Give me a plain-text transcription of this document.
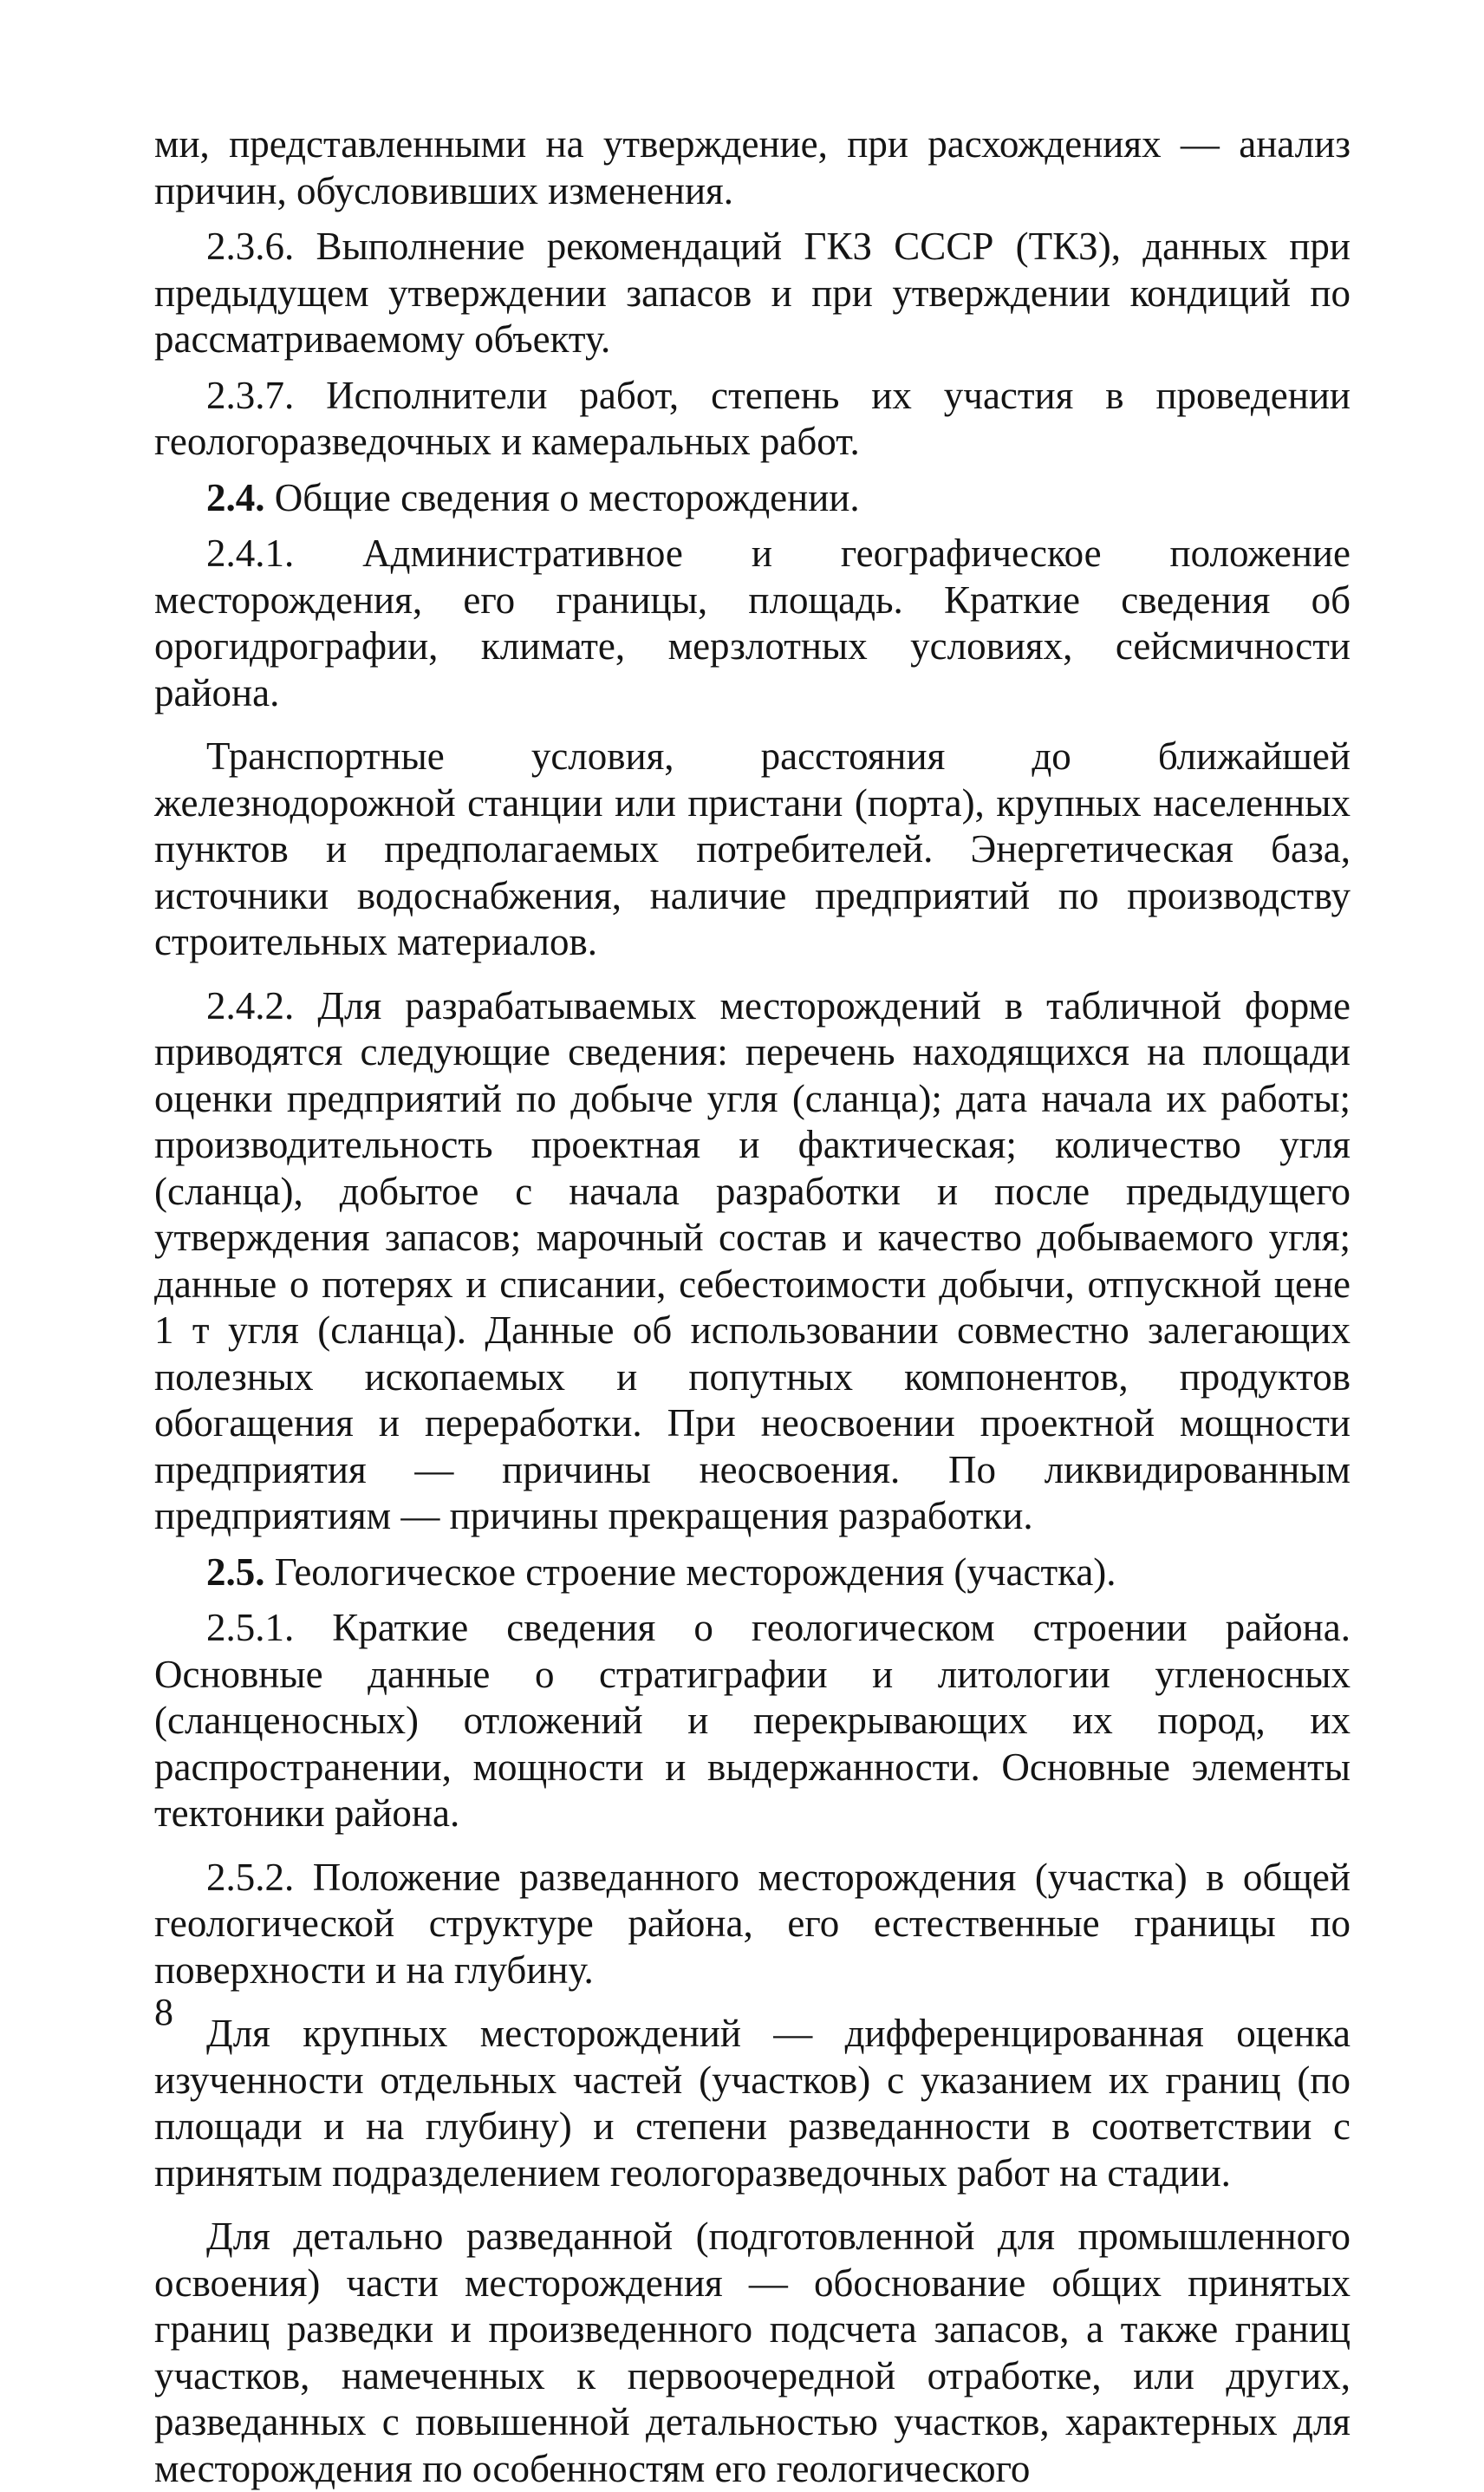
ми, представленными на утверждение, при расхождениях — анализ причин, обусловивших изменения.

2.3.6. Выполнение рекомендаций ГКЗ СССР (ТКЗ), данных при предыдущем утверждении запасов и при утверждении кондиций по рассматриваемому объекту.

2.3.7. Исполнители работ, степень их участия в проведении геологоразведочных и камеральных работ.

2.4. Общие сведения о месторождении.

2.4.1. Административное и географическое положение месторождения, его границы, площадь. Краткие сведения об орогидрографии, климате, мерзлотных условиях, сейсмичности района.

Транспортные условия, расстояния до ближайшей железнодорожной станции или пристани (порта), крупных населенных пунктов и предполагаемых потребителей. Энергетическая база, источники водоснабжения, наличие предприятий по производству строительных материалов.

2.4.2. Для разрабатываемых месторождений в табличной форме приводятся следующие сведения: перечень находящихся на площади оценки предприятий по добыче угля (сланца); дата начала их работы; производительность проектная и фактическая; количество угля (сланца), добытое с начала разработки и после предыдущего утверждения запасов; марочный состав и качество добываемого угля; данные о потерях и списании, себестоимости добычи, отпускной цене 1 т угля (сланца). Данные об использовании совместно залегающих полезных ископаемых и попутных компонентов, продуктов обогащения и переработки. При неосвоении проектной мощности предприятия — причины неосвоения. По ликвидированным предприятиям — причины прекращения разработки.

2.5. Геологическое строение месторождения (участка).

2.5.1. Краткие сведения о геологическом строении района. Основные данные о стратиграфии и литологии угленосных (сланценосных) отложений и перекрывающих их пород, их распространении, мощности и выдержанности. Основные элементы тектоники района.

2.5.2. Положение разведанного месторождения (участка) в общей геологической структуре района, его естественные границы по поверхности и на глубину.

Для крупных месторождений — дифференцированная оценка изученности отдельных частей (участков) с указанием их границ (по площади и на глубину) и степени разведанности в соответствии с принятым подразделением геологоразведочных работ на стадии.

Для детально разведанной (подготовленной для промышленного освоения) части месторождения — обоснование общих принятых границ разведки и произведенного подсчета запасов, а также границ участков, намеченных к первоочередной отработке, или других, разведанных с повышенной детальностью участков, характерных для месторождения по особенностям его геологического

8
